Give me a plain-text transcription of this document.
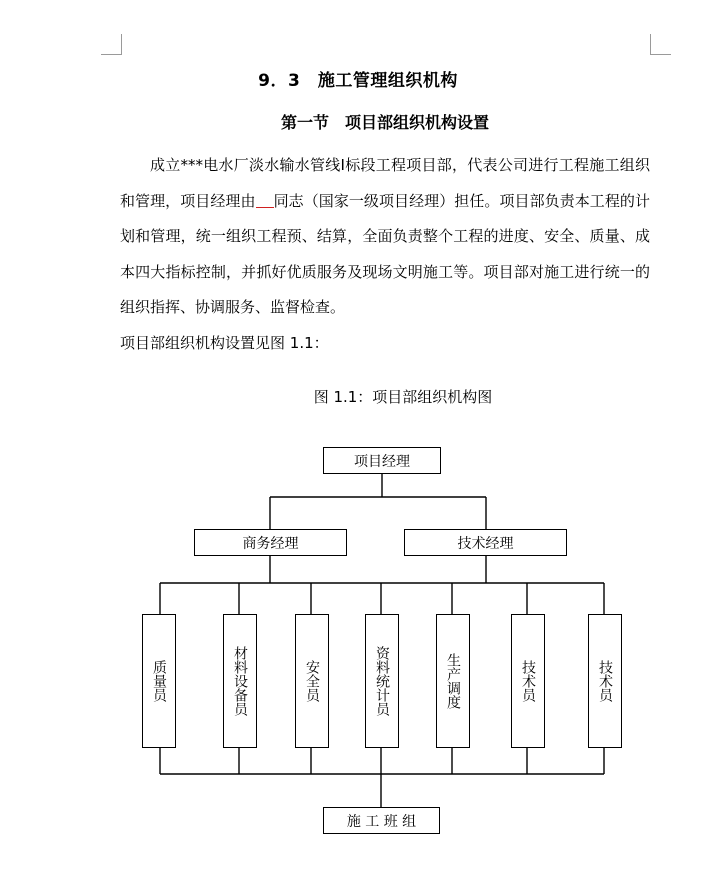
9．3　施工管理组织机构
第一节　项目部组织机构设置

成立***电水厂淡水输水管线Ⅰ标段工程项目部，代表公司进行工程施工组织和管理，项目经理由 同志（国家一级项目经理）担任。项目部负责本工程的计划和管理，统一组织工程预、结算，全面负责整个工程的进度、安全、质量、成本四大指标控制，并抓好优质服务及现场文明施工等。项目部对施工进行统一的组织指挥、协调服务、监督检查。

项目部组织机构设置见图 1.1：

图 1.1：项目部组织机构图
项目经理
商务经理	技术经理
质量员	材料设备员	安全员	资料统计员	生产调度	技术员	技术员
施 工 班 组
